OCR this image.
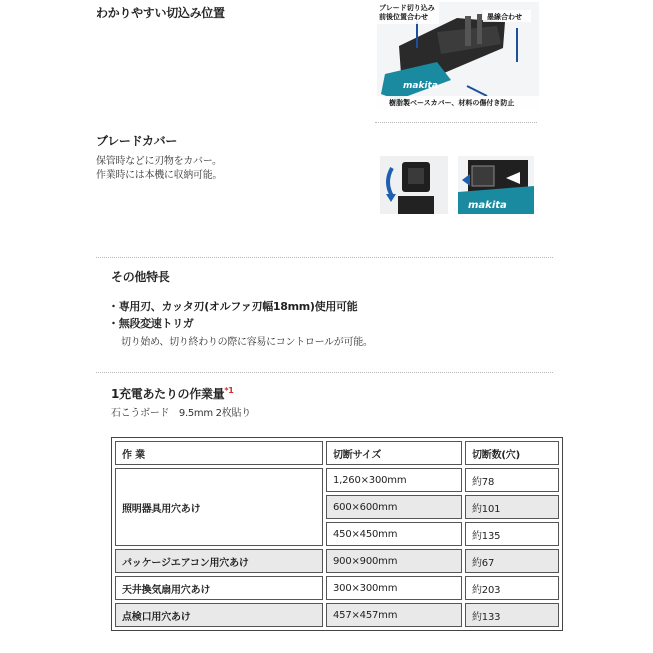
わかりやすい切込み位置
makita
ブレード切り込み
前後位置合わせ	墨線合わせ
樹脂製ベースカバー、材料の傷付き防止
ブレードカバー
保管時などに刃物をカバー。
作業時には本機に収納可能。
makita
その他特長
・専用刃、カッタ刃(オルファ刃幅18mm)使用可能
・無段変速トリガ
切り始め、切り終わりの際に容易にコントロールが可能。
1充電あたりの作業量$^{*1}$
石こうボード　9.5mm 2枚貼り
作 業	切断サイズ	切断数(穴)
照明器具用穴あけ	1,260×300mm	約78
	600×600mm	約101
	450×450mm	約135
パッケージエアコン用穴あけ	900×900mm	約67
天井換気扇用穴あけ	300×300mm	約203
点検口用穴あけ	457×457mm	約133
